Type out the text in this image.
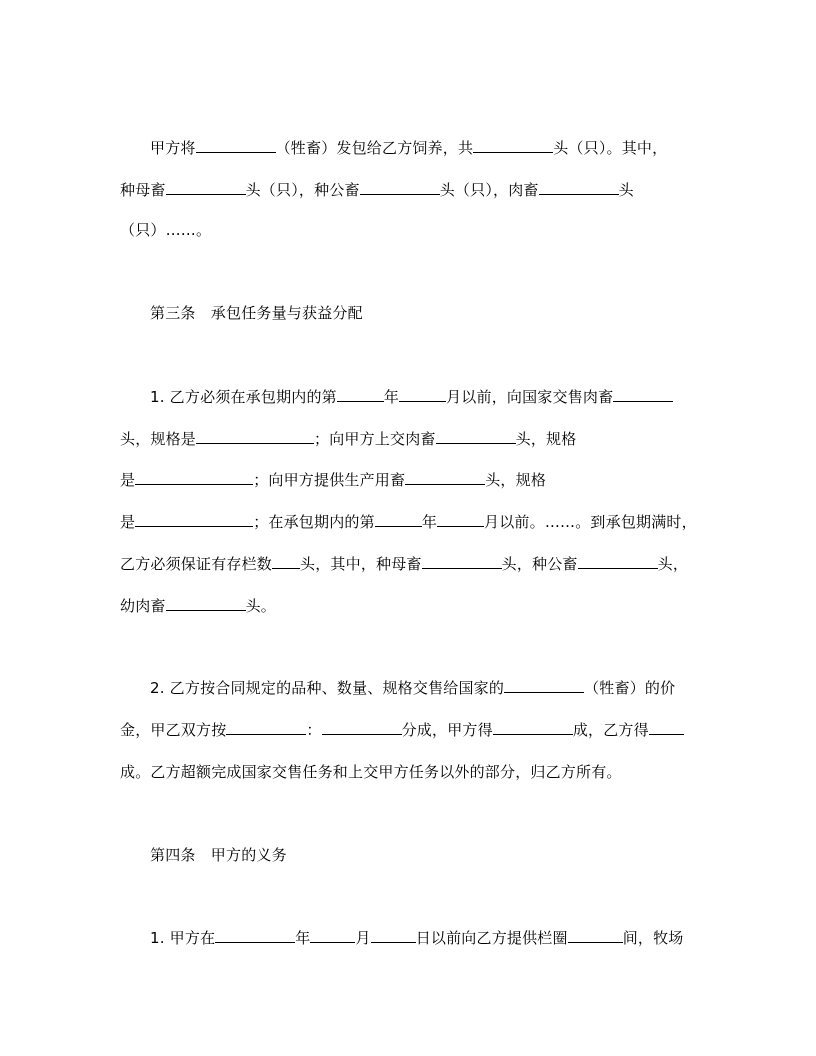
甲方将	（牲畜）发包给乙方饲养，共	头（只）。其中，
种母畜	头（只），种公畜	头（只），肉畜	头
（只）……。
第三条　承包任务量与获益分配
1. 乙方必须在承包期内的第	年	月以前，向国家交售肉畜
头，规格是	；向甲方上交肉畜	头，规格
是	；向甲方提供生产用畜	头，规格
是	；在承包期内的第	年	月以前。……。到承包期满时，
乙方必须保证有存栏数 头，其中，种母畜	头，种公畜	头，
幼肉畜	头。
2. 乙方按合同规定的品种、数量、规格交售给国家的	（牲畜）的价
金，甲乙双方按	：	分成，甲方得	成，乙方得
成。乙方超额完成国家交售任务和上交甲方任务以外的部分，归乙方所有。
第四条　甲方的义务
1. 甲方在	年	月	日以前向乙方提供栏圈	间，牧场
